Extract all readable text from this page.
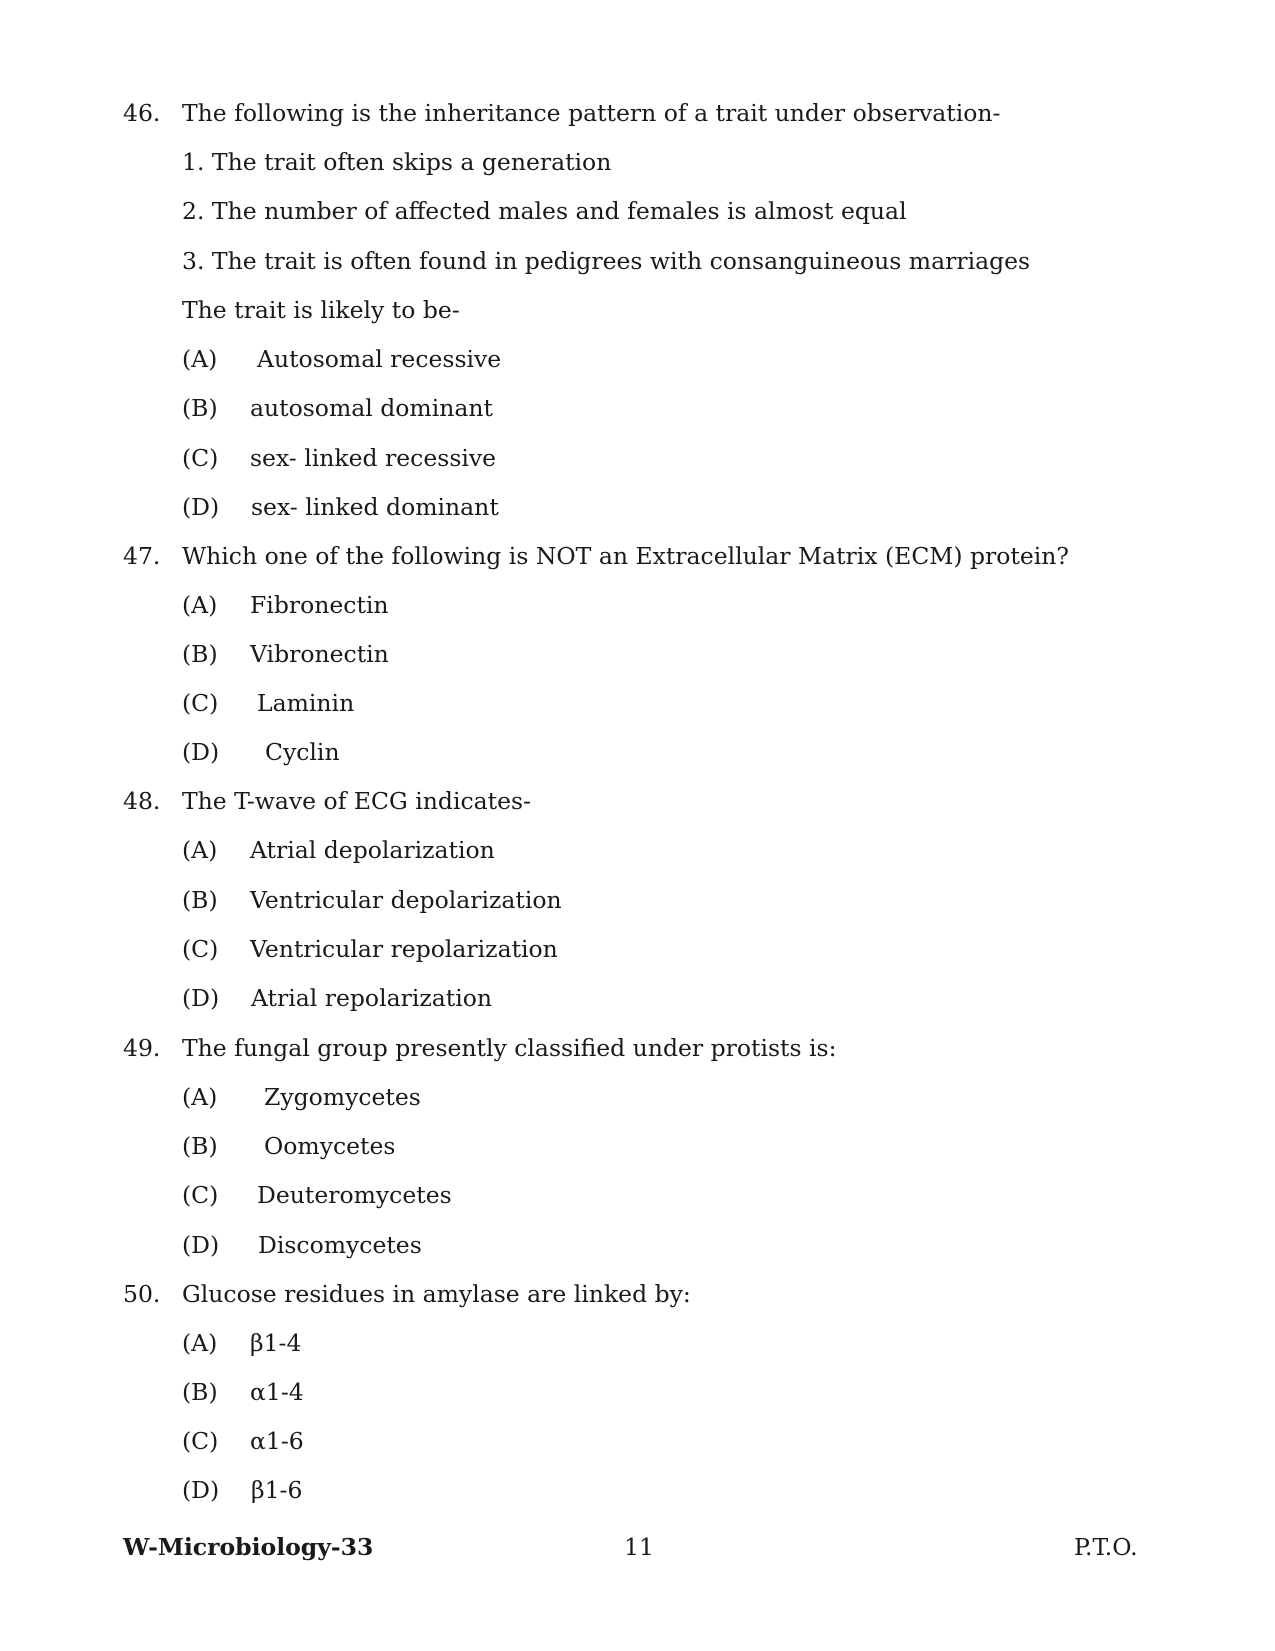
46. The following is the inheritance pattern of a trait under observation-
1. The trait often skips a generation
2. The number of affected males and females is almost equal
3. The trait is often found in pedigrees with consanguineous marriages
The trait is likely to be-
(A) Autosomal recessive
(B) autosomal dominant
(C) sex- linked recessive
(D) sex- linked dominant
47. Which one of the following is NOT an Extracellular Matrix (ECM) protein?
(A) Fibronectin
(B) Vibronectin
(C) Laminin
(D) Cyclin
48. The T-wave of ECG indicates-
(A) Atrial depolarization
(B) Ventricular depolarization
(C) Ventricular repolarization
(D) Atrial repolarization
49. The fungal group presently classified under protists is:
(A) Zygomycetes
(B) Oomycetes
(C) Deuteromycetes
(D) Discomycetes
50. Glucose residues in amylase are linked by:
(A) β1-4
(B) α1-4
(C) α1-6
(D) β1-6
W-Microbiology-33	11	P.T.O.
